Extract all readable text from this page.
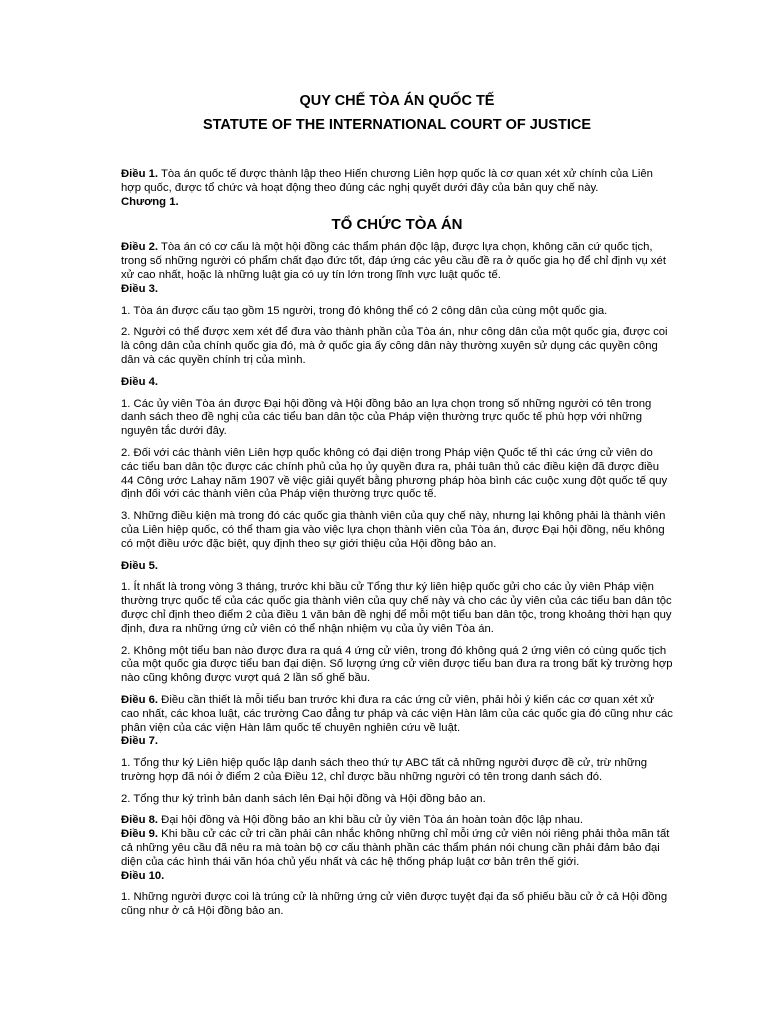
QUY CHẾ TÒA ÁN QUỐC TẾ

STATUTE OF THE INTERNATIONAL COURT OF JUSTICE

Điều 1. Tòa án quốc tế được thành lập theo Hiến chương Liên hợp quốc là cơ quan xét xử chính của Liên hợp quốc, được tổ chức và hoạt động theo đúng các nghị quyết dưới đây của bản quy chế này.

Chương 1.

TỔ CHỨC TÒA ÁN

Điều 2. Tòa án có cơ cấu là một hội đồng các thẩm phán độc lập, được lựa chọn, không căn cứ quốc tịch, trong số những người có phẩm chất đạo đức tốt, đáp ứng các yêu cầu đề ra ở quốc gia họ để chỉ định vụ xét xử cao nhất, hoặc là những luật gia có uy tín lớn trong lĩnh vực luật quốc tế.

Điều 3.

1. Tòa án được cấu tạo gồm 15 người, trong đó không thể có 2 công dân của cùng một quốc gia.

2. Người có thể được xem xét để đưa vào thành phần của Tòa án, như công dân của một quốc gia, được coi là công dân của chính quốc gia đó, mà ở quốc gia ấy công dân này thường xuyên sử dụng các quyền công dân và các quyền chính trị của mình.

Điều 4.

1. Các ủy viên Tòa án được Đại hội đồng và Hội đồng bảo an lựa chọn trong số những người có tên trong danh sách theo đề nghị của các tiểu ban dân tộc của Pháp viện thường trực quốc tế phù hợp với những nguyên tắc dưới đây.

2. Đối với các thành viên Liên hợp quốc không có đại diện trong Pháp viện Quốc tế thì các ứng cử viên do các tiểu ban dân tộc được các chính phủ của họ ủy quyền đưa ra, phải tuân thủ các điều kiện đã được điều 44 Công ước Lahay năm 1907 về việc giải quyết bằng phương pháp hòa bình các cuộc xung đột quốc tế quy định đối với các thành viên của Pháp viện thường trực quốc tế.

3. Những điều kiện mà trong đó các quốc gia thành viên của quy chế này, nhưng lại không phải là thành viên của Liên hiệp quốc, có thể tham gia vào việc lựa chọn thành viên của Tòa án, được Đại hội đồng, nếu không có một điều ước đặc biệt, quy định theo sự giới thiệu của Hội đồng bảo an.

Điều 5.

1. Ít nhất là trong vòng 3 tháng, trước khi bầu cử Tổng thư ký liên hiệp quốc gửi cho các ủy viên Pháp viện thường trực quốc tế của các quốc gia thành viên của quy chế này và cho các ủy viên của các tiểu ban dân tộc được chỉ định theo điểm 2 của điều 1 văn bản đề nghị để mỗi một tiểu ban dân tộc, trong khoảng thời hạn quy định, đưa ra những ứng cử viên có thể nhận nhiệm vụ của ủy viên Tòa án.

2. Không một tiểu ban nào được đưa ra quá 4 ứng cử viên, trong đó không quá 2 ứng viên có cùng quốc tịch của một quốc gia được tiểu ban đại diện. Số lượng ứng cử viên được tiểu ban đưa ra trong bất kỳ trường hợp nào cũng không được vượt quá 2 lần số ghế bầu.

Điều 6. Điều cần thiết là mỗi tiểu ban trước khi đưa ra các ứng cử viên, phải hỏi ý kiến các cơ quan xét xử cao nhất, các khoa luật, các trường Cao đẳng tư pháp và các viện Hàn lâm của các quốc gia đó cũng như các phân viện của các viện Hàn lâm quốc tế chuyên nghiên cứu về luật.

Điều 7.

1. Tổng thư ký Liên hiệp quốc lập danh sách theo thứ tự ABC tất cả những người được đề cử, trừ những trường hợp đã nói ở điểm 2 của Điều 12, chỉ được bầu những người có tên trong danh sách đó.

2. Tổng thư ký trình bản danh sách lên Đại hội đồng và Hội đồng bảo an.

Điều 8. Đại hội đồng và Hội đồng bảo an khi bầu cử ủy viên Tòa án hoàn toàn độc lập nhau.

Điều 9. Khi bầu cử các cử tri cần phải cân nhắc không những chỉ mỗi ứng cử viên nói riêng phải thỏa mãn tất cả những yêu cầu đã nêu ra mà toàn bộ cơ cấu thành phần các thẩm phán nói chung cần phải đảm bảo đại diện của các hình thái văn hóa chủ yếu nhất và các hệ thống pháp luật cơ bản trên thế giới.

Điều 10.

1. Những người được coi là trúng cử là những ứng cử viên được tuyệt đại đa số phiếu bầu cử ở cả Hội đồng cũng như ở cả Hội đồng bảo an.
